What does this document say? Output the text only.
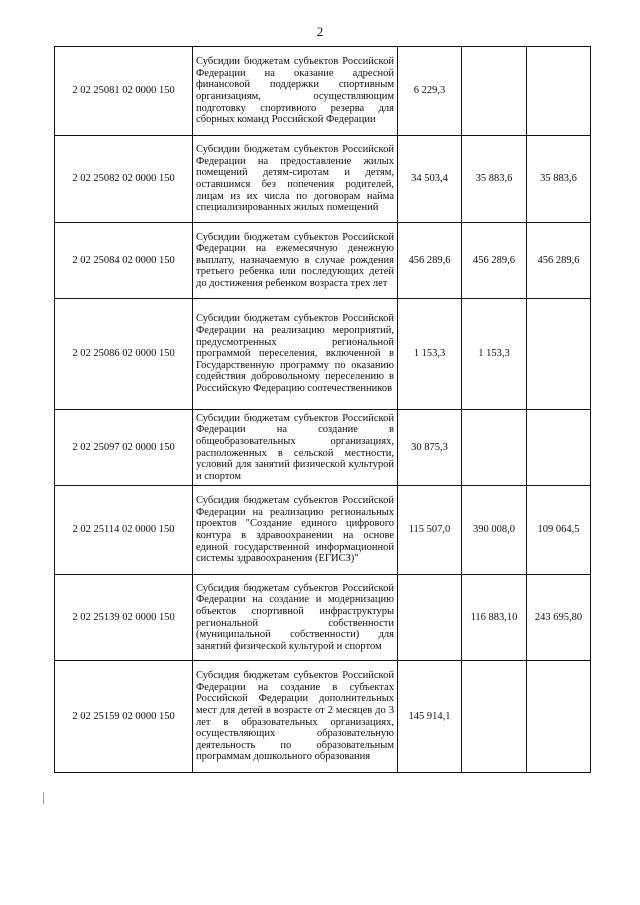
2
2 02 25081 02 0000 150	Субсидии бюджетам субъектов Российской Федерации на оказание адресной финансовой поддержки спортивным организациям, осуществляющим подготовку спортивного резерва для сборных команд Российской Федерации	6 229,3		
2 02 25082 02 0000 150	Субсидии бюджетам субъектов Российской Федерации на предоставление жилых помещений детям-сиротам и детям, оставшимся без попечения родителей, лицам из их числа по договорам найма специализированных жилых помещений	34 503,4	35 883,6	35 883,6
2 02 25084 02 0000 150	Субсидии бюджетам субъектов Российской Федерации на ежемесячную денежную выплату, назначаемую в случае рождения третьего ребенка или последующих детей до достижения ребенком возраста трех лет	456 289,6	456 289,6	456 289,6
2 02 25086 02 0000 150	Субсидии бюджетам субъектов Российской Федерации на реализацию мероприятий, предусмотренных региональной программой переселения, включенной в Государственную программу по оказанию содействия добровольному переселению в Российскую Федерацию соотечественников	1 153,3	1 153,3	
2 02 25097 02 0000 150	Субсидии бюджетам субъектов Российской Федерации на создание в общеобразовательных организациях, расположенных в сельской местности, условий для занятий физической культурой и спортом	30 875,3		
2 02 25114 02 0000 150	Субсидия бюджетам субъектов Российской Федерации на реализацию региональных проектов "Создание единого цифрового контура в здравоохранении на основе единой государственной информационной системы здравоохранения (ЕГИСЗ)"	115 507,0	390 008,0	109 064,5
2 02 25139 02 0000 150	Субсидия бюджетам субъектов Российской Федерации на создание и модернизацию объектов спортивной инфраструктуры региональной собственности (муниципальной собственности) для занятий физической культурой и спортом		116 883,10	243 695,80
2 02 25159 02 0000 150	Субсидия бюджетам субъектов Российской Федерации на создание в субъектах Российской Федерации дополнительных мест для детей в возрасте от 2 месяцев до 3 лет в образовательных организациях, осуществляющих образовательную деятельность по образовательным программам дошкольного образования	145 914,1		
